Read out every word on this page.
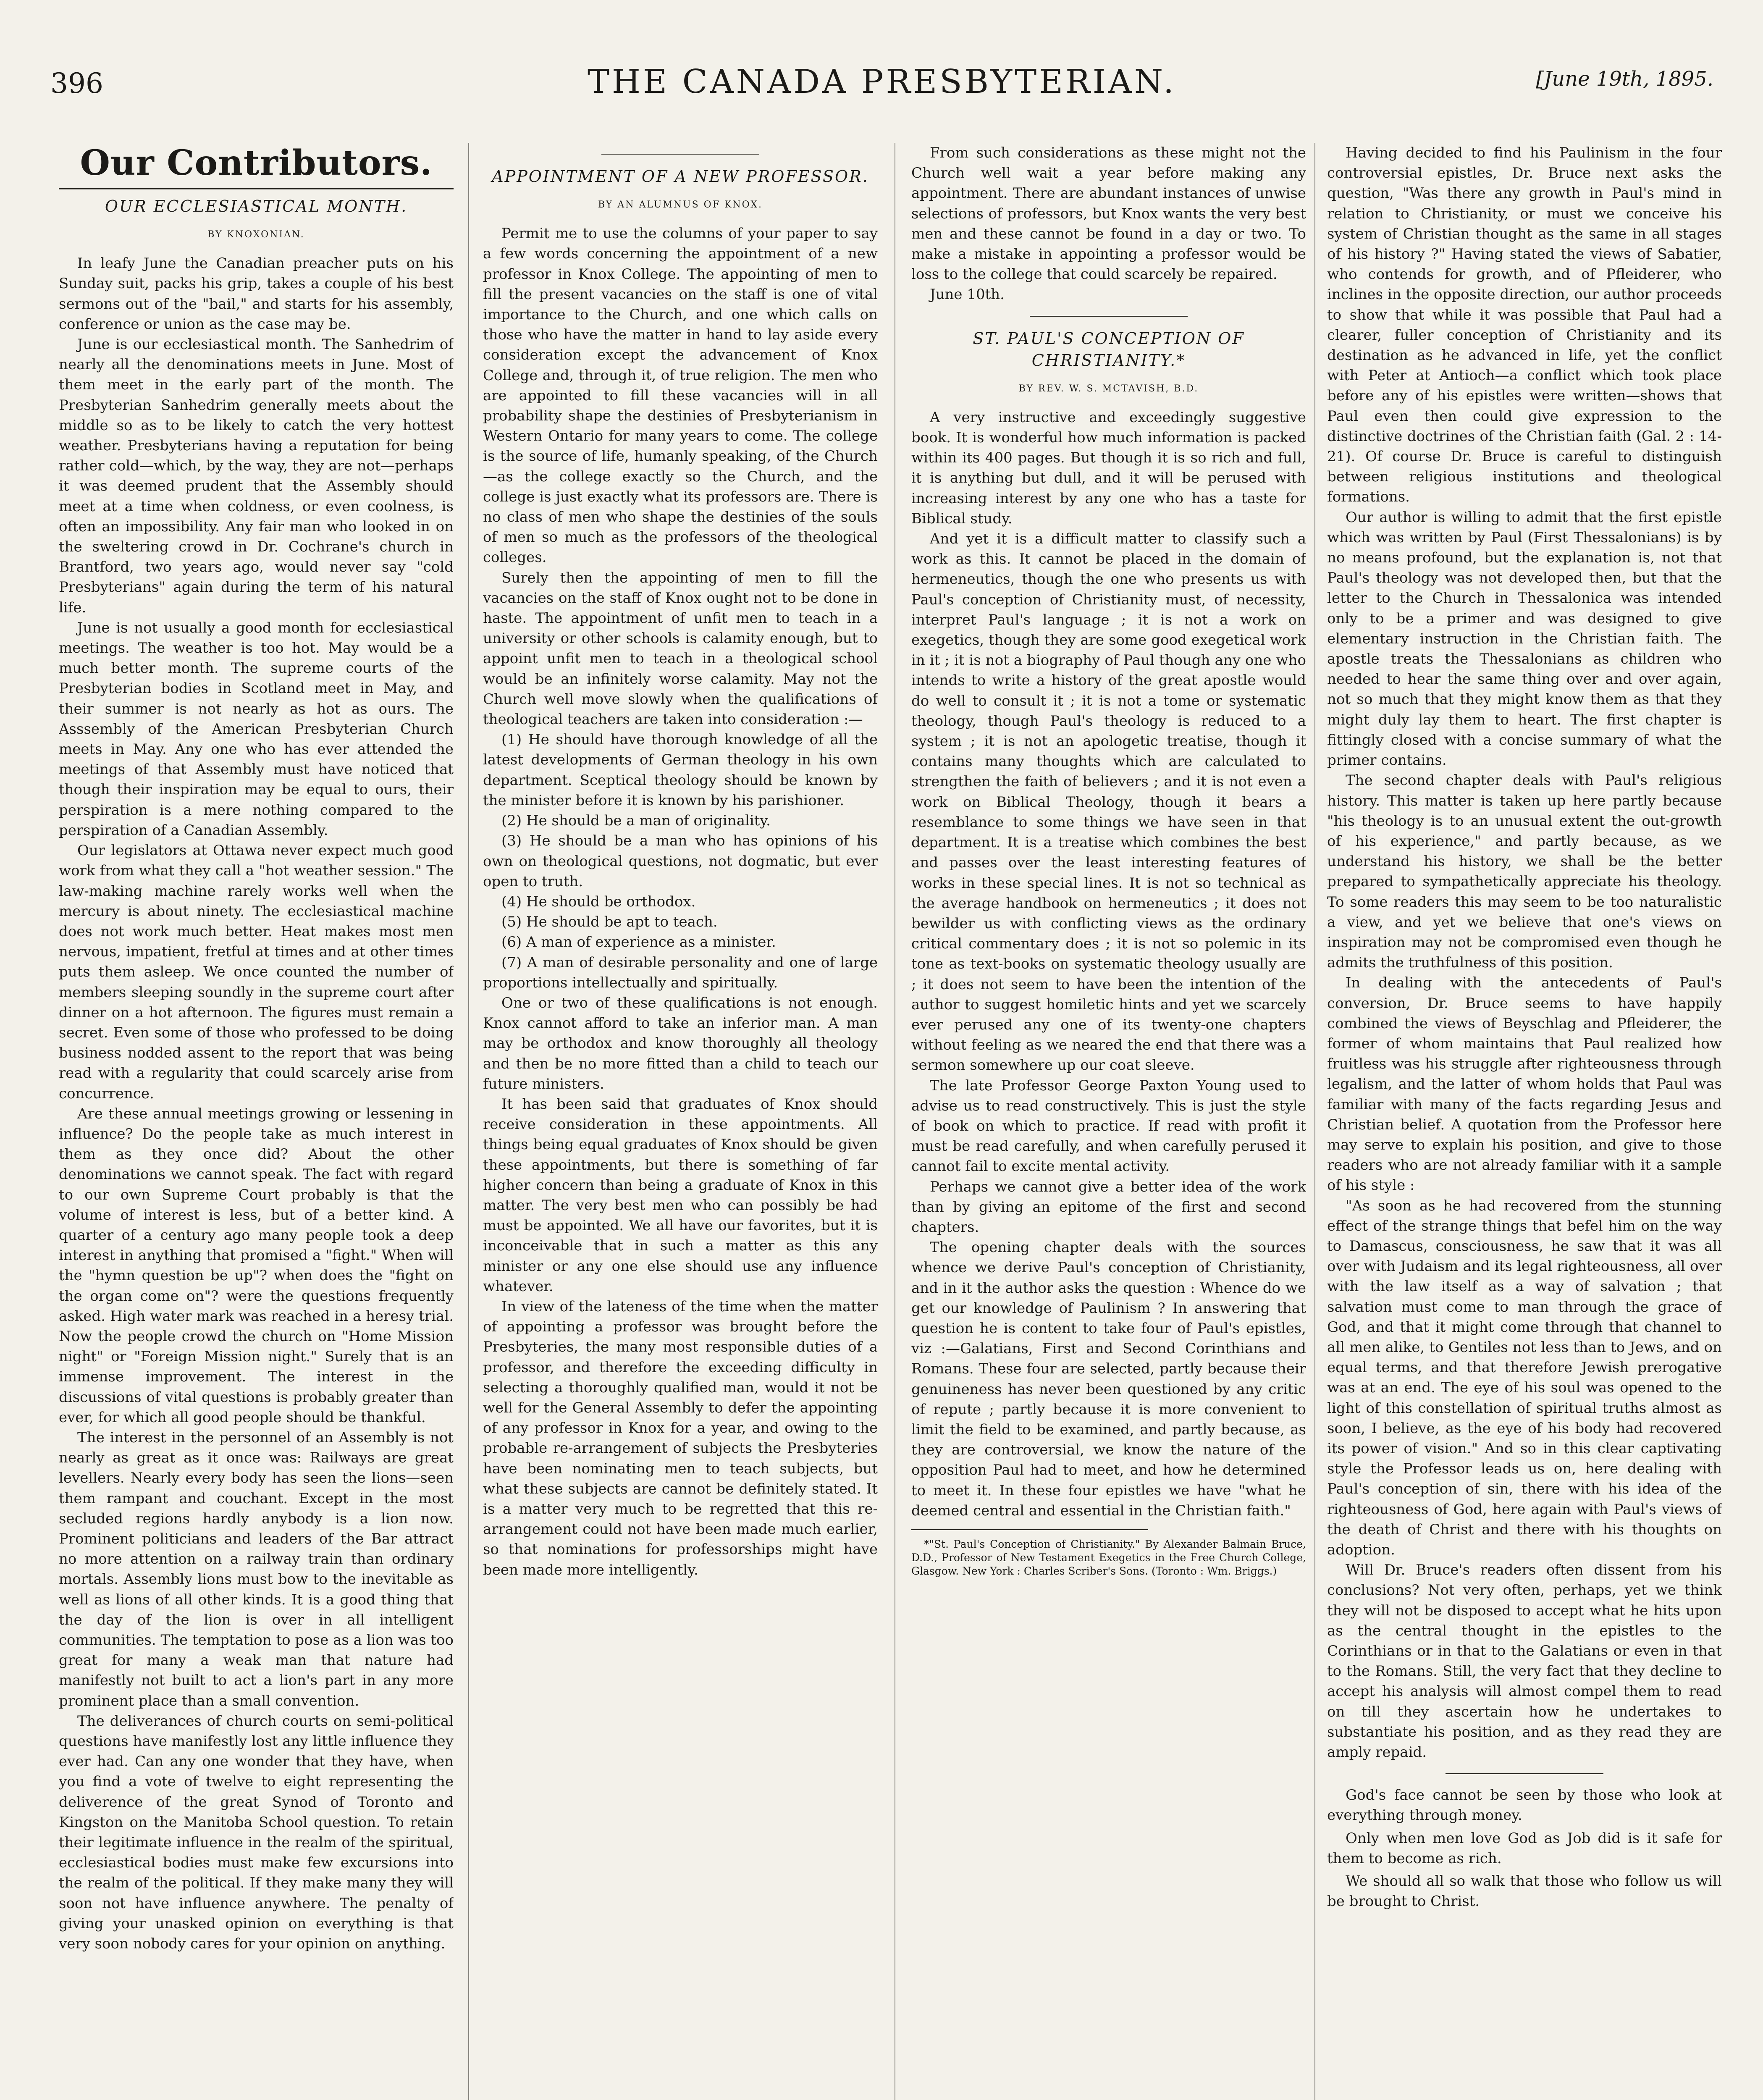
396	THE CANADA PRESBYTERIAN.	[June 19th, 1895.
Our Contributors.

OUR ECCLESIASTICAL MONTH.

BY KNOXONIAN.

In leafy June the Canadian preacher puts on his Sunday suit, packs his grip, takes a couple of his best sermons out of the "bail," and starts for his assembly, conference or union as the case may be.

June is our ecclesiastical month. The Sanhedrim of nearly all the denominations meets in June. Most of them meet in the early part of the month. The Presbyterian Sanhedrim generally meets about the middle so as to be likely to catch the very hottest weather. Presbyterians having a reputation for being rather cold—which, by the way, they are not—perhaps it was deemed prudent that the Assembly should meet at a time when coldness, or even coolness, is often an impossibility. Any fair man who looked in on the sweltering crowd in Dr. Cochrane's church in Brantford, two years ago, would never say "cold Presbyterians" again during the term of his natural life.

June is not usually a good month for ecclesiastical meetings. The weather is too hot. May would be a much better month. The supreme courts of the Presbyterian bodies in Scotland meet in May, and their summer is not nearly as hot as ours. The Asssembly of the American Presbyterian Church meets in May. Any one who has ever attended the meetings of that Assembly must have noticed that though their inspiration may be equal to ours, their perspiration is a mere nothing compared to the perspiration of a Canadian Assembly.

Our legislators at Ottawa never expect much good work from what they call a "hot weather session." The law-making machine rarely works well when the mercury is about ninety. The ecclesiastical machine does not work much better. Heat makes most men nervous, impatient, fretful at times and at other times puts them asleep. We once counted the number of members sleeping soundly in the supreme court after dinner on a hot afternoon. The figures must remain a secret. Even some of those who professed to be doing business nodded assent to the report that was being read with a regularity that could scarcely arise from concurrence.

Are these annual meetings growing or lessening in influence? Do the people take as much interest in them as they once did? About the other denominations we cannot speak. The fact with regard to our own Supreme Court probably is that the volume of interest is less, but of a better kind. A quarter of a century ago many people took a deep interest in anything that promised a "fight." When will the "hymn question be up"? when does the "fight on the organ come on"? were the questions frequently asked. High water mark was reached in a heresy trial. Now the people crowd the church on "Home Mission night" or "Foreign Mission night." Surely that is an immense improvement. The interest in the discussions of vital questions is probably greater than ever, for which all good people should be thankful.

The interest in the personnel of an Assembly is not nearly as great as it once was: Railways are great levellers. Nearly every body has seen the lions—seen them rampant and couchant. Except in the most secluded regions hardly anybody is a lion now. Prominent politicians and leaders of the Bar attract no more attention on a railway train than ordinary mortals. Assembly lions must bow to the inevitable as well as lions of all other kinds. It is a good thing that the day of the lion is over in all intelligent communities. The temptation to pose as a lion was too great for many a weak man that nature had manifestly not built to act a lion's part in any more prominent place than a small convention.

The deliverances of church courts on semi-political questions have manifestly lost any little influence they ever had. Can any one wonder that they have, when you find a vote of twelve to eight representing the deliverence of the great Synod of Toronto and Kingston on the Manitoba School question. To retain their legitimate influence in the realm of the spiritual, ecclesiastical bodies must make few excursions into the realm of the political. If they make many they will soon not have influence anywhere. The penalty of giving your unasked opinion on everything is that very soon nobody cares for your opinion on anything.

APPOINTMENT OF A NEW PROFESSOR.

BY AN ALUMNUS OF KNOX.

Permit me to use the columns of your paper to say a few words concerning the appointment of a new professor in Knox College. The appointing of men to fill the present vacancies on the staff is one of vital importance to the Church, and one which calls on those who have the matter in hand to lay aside every consideration except the advancement of Knox College and, through it, of true religion. The men who are appointed to fill these vacancies will in all probability shape the destinies of Presbyterianism in Western Ontario for many years to come. The college is the source of life, humanly speaking, of the Church—as the college exactly so the Church, and the college is just exactly what its professors are. There is no class of men who shape the destinies of the souls of men so much as the professors of the theological colleges.

Surely then the appointing of men to fill the vacancies on the staff of Knox ought not to be done in haste. The appointment of unfit men to teach in a university or other schools is calamity enough, but to appoint unfit men to teach in a theological school would be an infinitely worse calamity. May not the Church well move slowly when the qualifications of theological teachers are taken into consideration :—

(1) He should have thorough knowledge of all the latest developments of German theology in his own department. Sceptical theology should be known by the minister before it is known by his parishioner.

(2) He should be a man of originality.

(3) He should be a man who has opinions of his own on theological questions, not dogmatic, but ever open to truth.

(4) He should be orthodox.

(5) He should be apt to teach.

(6) A man of experience as a minister.

(7) A man of desirable personality and one of large proportions intellectually and spiritually.

One or two of these qualifications is not enough. Knox cannot afford to take an inferior man. A man may be orthodox and know thoroughly all theology and then be no more fitted than a child to teach our future ministers.

It has been said that graduates of Knox should receive consideration in these appointments. All things being equal graduates of Knox should be given these appointments, but there is something of far higher concern than being a graduate of Knox in this matter. The very best men who can possibly be had must be appointed. We all have our favorites, but it is inconceivable that in such a matter as this any minister or any one else should use any influence whatever.

In view of the lateness of the time when the matter of appointing a professor was brought before the Presbyteries, the many most responsible duties of a professor, and therefore the exceeding difficulty in selecting a thoroughly qualified man, would it not be well for the General Assembly to defer the appointing of any professor in Knox for a year, and owing to the probable re-arrangement of subjects the Presbyteries have been nominating men to teach subjects, but what these subjects are cannot be definitely stated. It is a matter very much to be regretted that this re-arrangement could not have been made much earlier, so that nominations for professorships might have been made more intelligently.

From such considerations as these might not the Church well wait a year before making any appointment. There are abundant instances of unwise selections of professors, but Knox wants the very best men and these cannot be found in a day or two. To make a mistake in appointing a professor would be loss to the college that could scarcely be repaired.

June 10th.

ST. PAUL'S CONCEPTION OF CHRISTIANITY.*

BY REV. W. S. MCTAVISH, B.D.

A very instructive and exceedingly suggestive book. It is wonderful how much information is packed within its 400 pages. But though it is so rich and full, it is anything but dull, and it will be perused with increasing interest by any one who has a taste for Biblical study.

And yet it is a difficult matter to classify such a work as this. It cannot be placed in the domain of hermeneutics, though the one who presents us with Paul's conception of Christianity must, of necessity, interpret Paul's language ; it is not a work on exegetics, though they are some good exegetical work in it ; it is not a biography of Paul though any one who intends to write a history of the great apostle would do well to consult it ; it is not a tome or systematic theology, though Paul's theology is reduced to a system ; it is not an apologetic treatise, though it contains many thoughts which are calculated to strengthen the faith of believers ; and it is not even a work on Biblical Theology, though it bears a resemblance to some things we have seen in that department. It is a treatise which combines the best and passes over the least interesting features of works in these special lines. It is not so technical as the average handbook on hermeneutics ; it does not bewilder us with conflicting views as the ordinary critical commentary does ; it is not so polemic in its tone as text-books on systematic theology usually are ; it does not seem to have been the intention of the author to suggest homiletic hints and yet we scarcely ever perused any one of its twenty-one chapters without feeling as we neared the end that there was a sermon somewhere up our coat sleeve.

The late Professor George Paxton Young used to advise us to read constructively. This is just the style of book on which to practice. If read with profit it must be read carefully, and when carefully perused it cannot fail to excite mental activity.

Perhaps we cannot give a better idea of the work than by giving an epitome of the first and second chapters.

The opening chapter deals with the sources whence we derive Paul's conception of Christianity, and in it the author asks the question : Whence do we get our knowledge of Paulinism ? In answering that question he is content to take four of Paul's epistles, viz :—Galatians, First and Second Corinthians and Romans. These four are selected, partly because their genuineness has never been questioned by any critic of repute ; partly because it is more convenient to limit the field to be examined, and partly because, as they are controversial, we know the nature of the opposition Paul had to meet, and how he determined to meet it. In these four epistles we have "what he deemed central and essential in the Christian faith."

*"St. Paul's Conception of Christianity." By Alexander Balmain Bruce, D.D., Professor of New Testament Exegetics in the Free Church College, Glasgow. New York : Charles Scriber's Sons. (Toronto : Wm. Briggs.)

Having decided to find his Paulinism in the four controversial epistles, Dr. Bruce next asks the question, "Was there any growth in Paul's mind in relation to Christianity, or must we conceive his system of Christian thought as the same in all stages of his history ?" Having stated the views of Sabatier, who contends for growth, and of Pfleiderer, who inclines in the opposite direction, our author proceeds to show that while it was possible that Paul had a clearer, fuller conception of Christianity and its destination as he advanced in life, yet the conflict with Peter at Antioch—a conflict which took place before any of his epistles were written—shows that Paul even then could give expression to the distinctive doctrines of the Christian faith (Gal. 2 : 14-21). Of course Dr. Bruce is careful to distinguish between religious institutions and theological formations.

Our author is willing to admit that the first epistle which was written by Paul (First Thessalonians) is by no means profound, but the explanation is, not that Paul's theology was not developed then, but that the letter to the Church in Thessalonica was intended only to be a primer and was designed to give elementary instruction in the Christian faith. The apostle treats the Thessalonians as children who needed to hear the same thing over and over again, not so much that they might know them as that they might duly lay them to heart. The first chapter is fittingly closed with a concise summary of what the primer contains.

The second chapter deals with Paul's religious history. This matter is taken up here partly because "his theology is to an unusual extent the out-growth of his experience," and partly because, as we understand his history, we shall be the better prepared to sympathetically appreciate his theology. To some readers this may seem to be too naturalistic a view, and yet we believe that one's views on inspiration may not be compromised even though he admits the truthfulness of this position.

In dealing with the antecedents of Paul's conversion, Dr. Bruce seems to have happily combined the views of Beyschlag and Pfleiderer, the former of whom maintains that Paul realized how fruitless was his struggle after righteousness through legalism, and the latter of whom holds that Paul was familiar with many of the facts regarding Jesus and Christian belief. A quotation from the Professor here may serve to explain his position, and give to those readers who are not already familiar with it a sample of his style :

"As soon as he had recovered from the stunning effect of the strange things that befel him on the way to Damascus, consciousness, he saw that it was all over with Judaism and its legal righteousness, all over with the law itself as a way of salvation ; that salvation must come to man through the grace of God, and that it might come through that channel to all men alike, to Gentiles not less than to Jews, and on equal terms, and that therefore Jewish prerogative was at an end. The eye of his soul was opened to the light of this constellation of spiritual truths almost as soon, I believe, as the eye of his body had recovered its power of vision." And so in this clear captivating style the Professor leads us on, here dealing with Paul's conception of sin, there with his idea of the righteousness of God, here again with Paul's views of the death of Christ and there with his thoughts on adoption.

Will Dr. Bruce's readers often dissent from his conclusions? Not very often, perhaps, yet we think they will not be disposed to accept what he hits upon as the central thought in the epistles to the Corinthians or in that to the Galatians or even in that to the Romans. Still, the very fact that they decline to accept his analysis will almost compel them to read on till they ascertain how he undertakes to substantiate his position, and as they read they are amply repaid.

God's face cannot be seen by those who look at everything through money.

Only when men love God as Job did is it safe for them to become as rich.

We should all so walk that those who follow us will be brought to Christ.
